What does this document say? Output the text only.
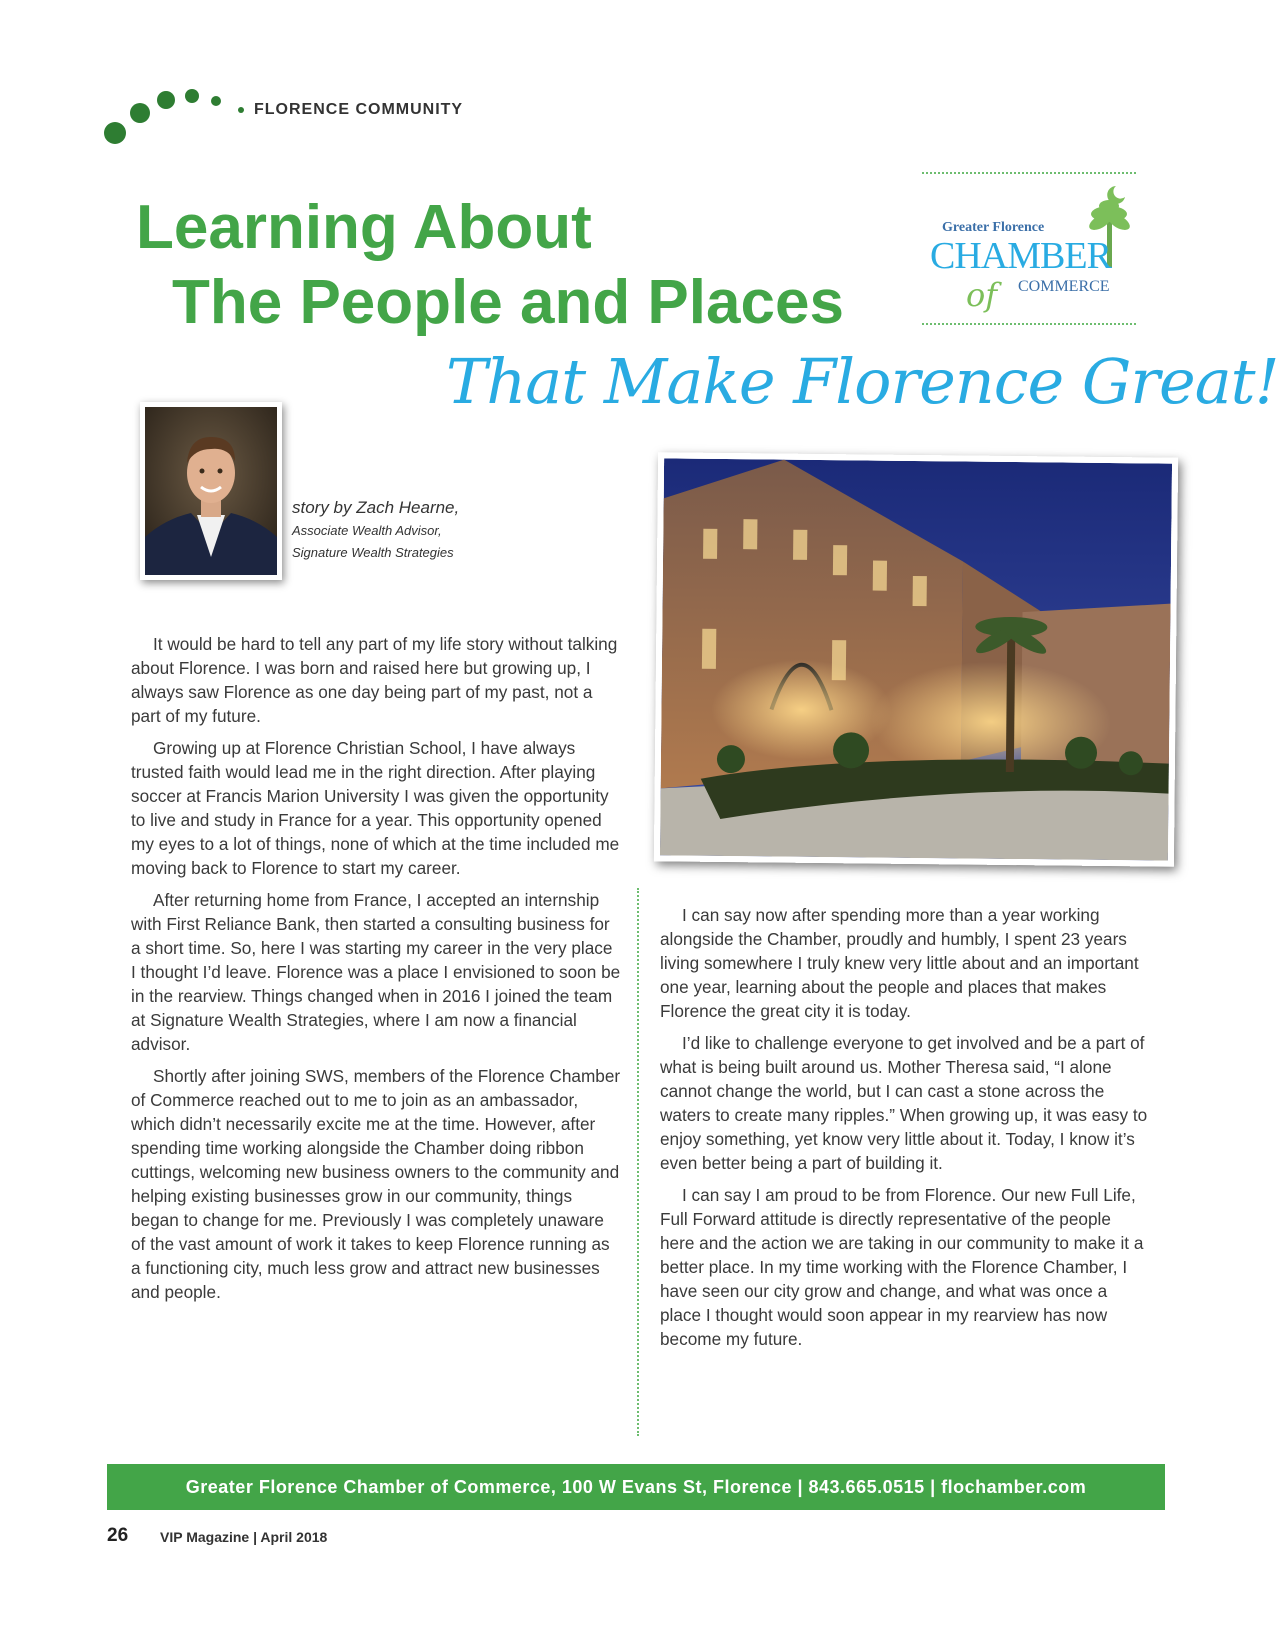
FLORENCE COMMUNITY
Learning About
The People and Places
That Make Florence Great!
Greater Florence
CHAMBER
of COMMERCE
story by Zach Hearne,
Associate Wealth Advisor,
Signature Wealth Strategies

It would be hard to tell any part of my life story without talking about Florence. I was born and raised here but growing up, I always saw Florence as one day being part of my past, not a part of my future.

Growing up at Florence Christian School, I have always trusted faith would lead me in the right direction. After playing soccer at Francis Marion University I was given the opportunity to live and study in France for a year. This opportunity opened my eyes to a lot of things, none of which at the time included me moving back to Florence to start my career.

After returning home from France, I accepted an internship with First Reliance Bank, then started a consulting business for a short time. So, here I was starting my career in the very place I thought I’d leave. Florence was a place I envisioned to soon be in the rearview. Things changed when in 2016 I joined the team at Signature Wealth Strategies, where I am now a financial advisor.

Shortly after joining SWS, members of the Florence Chamber of Commerce reached out to me to join as an ambassador, which didn’t necessarily excite me at the time. However, after spending time working alongside the Chamber doing ribbon cuttings, welcoming new business owners to the community and helping existing businesses grow in our community, things began to change for me. Previously I was completely unaware of the vast amount of work it takes to keep Florence running as a functioning city, much less grow and attract new businesses and people.

I can say now after spending more than a year working alongside the Chamber, proudly and humbly, I spent 23 years living somewhere I truly knew very little about and an important one year, learning about the people and places that makes Florence the great city it is today.

I’d like to challenge everyone to get involved and be a part of what is being built around us. Mother Theresa said, “I alone cannot change the world, but I can cast a stone across the waters to create many ripples.” When growing up, it was easy to enjoy something, yet know very little about it. Today, I know it’s even better being a part of building it.

I can say I am proud to be from Florence. Our new Full Life, Full Forward attitude is directly representative of the people here and the action we are taking in our community to make it a better place. In my time working with the Florence Chamber, I have seen our city grow and change, and what was once a place I thought would soon appear in my rearview has now become my future.

Greater Florence Chamber of Commerce, 100 W Evans St, Florence | 843.665.0515 | flochamber.com
26 VIP Magazine | April 2018
